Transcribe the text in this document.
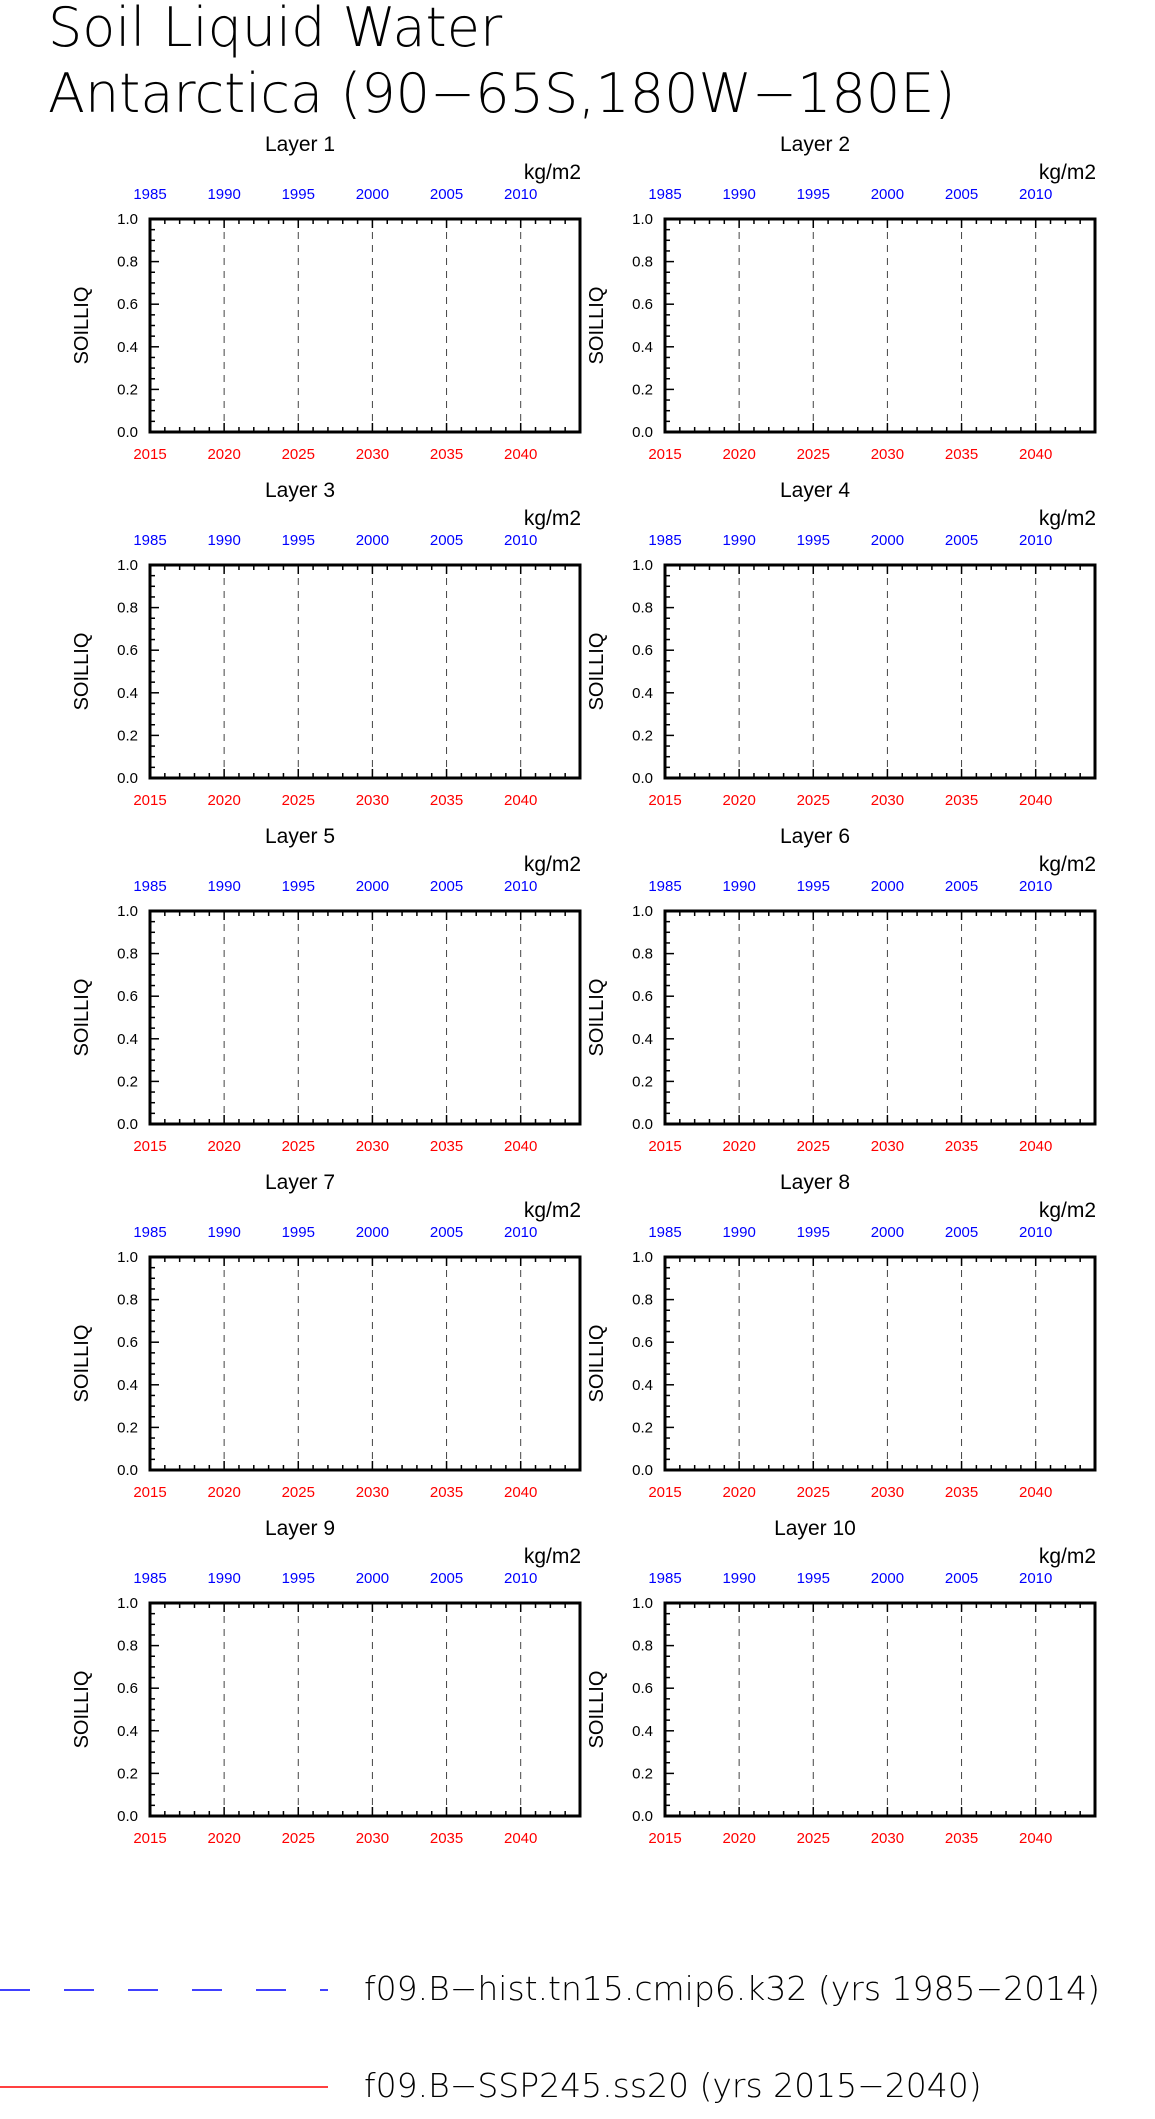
Soil Liquid Water
Antarctica (90−65S,180W−180E)
Layer 1
kg/m2
2015	2020	2025	2030	2035	2040
1985	1990	1995	2000	2005	2010
0.0
0.2
0.4
0.6
0.8
1.0
SOILLIQ
Layer 2
kg/m2
2015	2020	2025	2030	2035	2040
1985	1990	1995	2000	2005	2010
0.0
0.2
0.4
0.6
0.8
1.0
SOILLIQ
Layer 3
kg/m2
2015	2020	2025	2030	2035	2040
1985	1990	1995	2000	2005	2010
0.0
0.2
0.4
0.6
0.8
1.0
SOILLIQ
Layer 4
kg/m2
2015	2020	2025	2030	2035	2040
1985	1990	1995	2000	2005	2010
0.0
0.2
0.4
0.6
0.8
1.0
SOILLIQ
Layer 5
kg/m2
2015	2020	2025	2030	2035	2040
1985	1990	1995	2000	2005	2010
0.0
0.2
0.4
0.6
0.8
1.0
SOILLIQ
Layer 6
kg/m2
2015	2020	2025	2030	2035	2040
1985	1990	1995	2000	2005	2010
0.0
0.2
0.4
0.6
0.8
1.0
SOILLIQ
Layer 7
kg/m2
2015	2020	2025	2030	2035	2040
1985	1990	1995	2000	2005	2010
0.0
0.2
0.4
0.6
0.8
1.0
SOILLIQ
Layer 8
kg/m2
2015	2020	2025	2030	2035	2040
1985	1990	1995	2000	2005	2010
0.0
0.2
0.4
0.6
0.8
1.0
SOILLIQ
Layer 9
kg/m2
2015	2020	2025	2030	2035	2040
1985	1990	1995	2000	2005	2010
0.0
0.2
0.4
0.6
0.8
1.0
SOILLIQ
Layer 10
kg/m2
2015	2020	2025	2030	2035	2040
1985	1990	1995	2000	2005	2010
0.0
0.2
0.4
0.6
0.8
1.0
SOILLIQ
f09.B−hist.tn15.cmip6.k32 (yrs 1985−2014)
f09.B−SSP245.ss20 (yrs 2015−2040)
